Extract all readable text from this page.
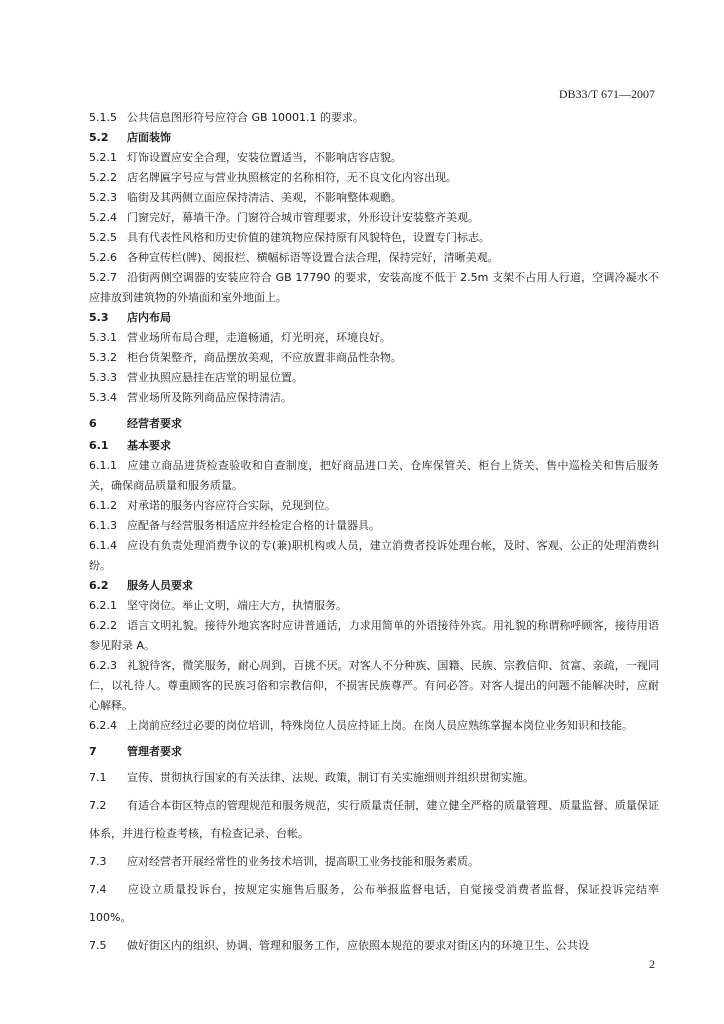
DB33/T 671—2007
5.1.5 公共信息图形符号应符合 GB 10001.1 的要求。
5.2 店面装饰
5.2.1 灯饰设置应安全合理，安装位置适当，不影响店容店貌。
5.2.2 店名牌匾字号应与营业执照核定的名称相符，无不良文化内容出现。
5.2.3 临街及其两侧立面应保持清洁、美观，不影响整体观瞻。
5.2.4 门窗完好，幕墙干净。门窗符合城市管理要求，外形设计安装整齐美观。
5.2.5 具有代表性风格和历史价值的建筑物应保持原有风貌特色，设置专门标志。
5.2.6 各种宣传栏(牌)、阅报栏、横幅标语等设置合法合理，保持完好，清晰美观。
5.2.7 沿街两侧空调器的安装应符合 GB 17790 的要求，安装高度不低于 2.5m 支架不占用人行道，空调冷凝水不应排放到建筑物的外墙面和室外地面上。
5.3 店内布局
5.3.1 营业场所布局合理，走道畅通，灯光明亮，环境良好。
5.3.2 柜台货架整齐，商品摆放美观，不应放置非商品性杂物。
5.3.3 营业执照应悬挂在店堂的明显位置。
5.3.4 营业场所及陈列商品应保持清洁。
6	经营者要求
6.1 基本要求
6.1.1 应建立商品进货检查验收和自查制度，把好商品进口关、仓库保管关、柜台上货关、售中巡检关和售后服务关，确保商品质量和服务质量。
6.1.2 对承诺的服务内容应符合实际，兑现到位。
6.1.3 应配备与经营服务相适应并经检定合格的计量器具。
6.1.4 应设有负责处理消费争议的专(兼)职机构或人员，建立消费者投诉处理台帐，及时、客观、公正的处理消费纠纷。
6.2 服务人员要求
6.2.1 坚守岗位。举止文明，端庄大方，执情服务。
6.2.2 语言文明礼貌。接待外地宾客时应讲普通话，力求用简单的外语接待外宾。用礼貌的称谓称呼顾客，接待用语参见附录 A。
6.2.3 礼貌待客，微笑服务，耐心周到，百挑不厌。对客人不分种族、国籍、民族、宗教信仰、贫富、亲疏，一视同仁，以礼待人。尊重顾客的民族习俗和宗教信仰，不损害民族尊严。有问必答。对客人提出的问题不能解决时，应耐心解释。
6.2.4 上岗前应经过必要的岗位培训，特殊岗位人员应持证上岗。在岗人员应熟练掌握本岗位业务知识和技能。
7	管理者要求
7.1 宣传、贯彻执行国家的有关法律、法规、政策，制订有关实施细则并组织贯彻实施。
7.2 有适合本街区特点的管理规范和服务规范，实行质量责任制，建立健全严格的质量管理、质量监督、质量保证体系，并进行检查考核，有检查记录、台帐。
7.3 应对经营者开展经常性的业务技术培训，提高职工业务技能和服务素质。
7.4 应设立质量投诉台，按规定实施售后服务，公布举报监督电话，自觉接受消费者监督，保证投诉完结率 100%。
7.5 做好街区内的组织、协调、管理和服务工作，应依照本规范的要求对街区内的环境卫生、公共设
2
